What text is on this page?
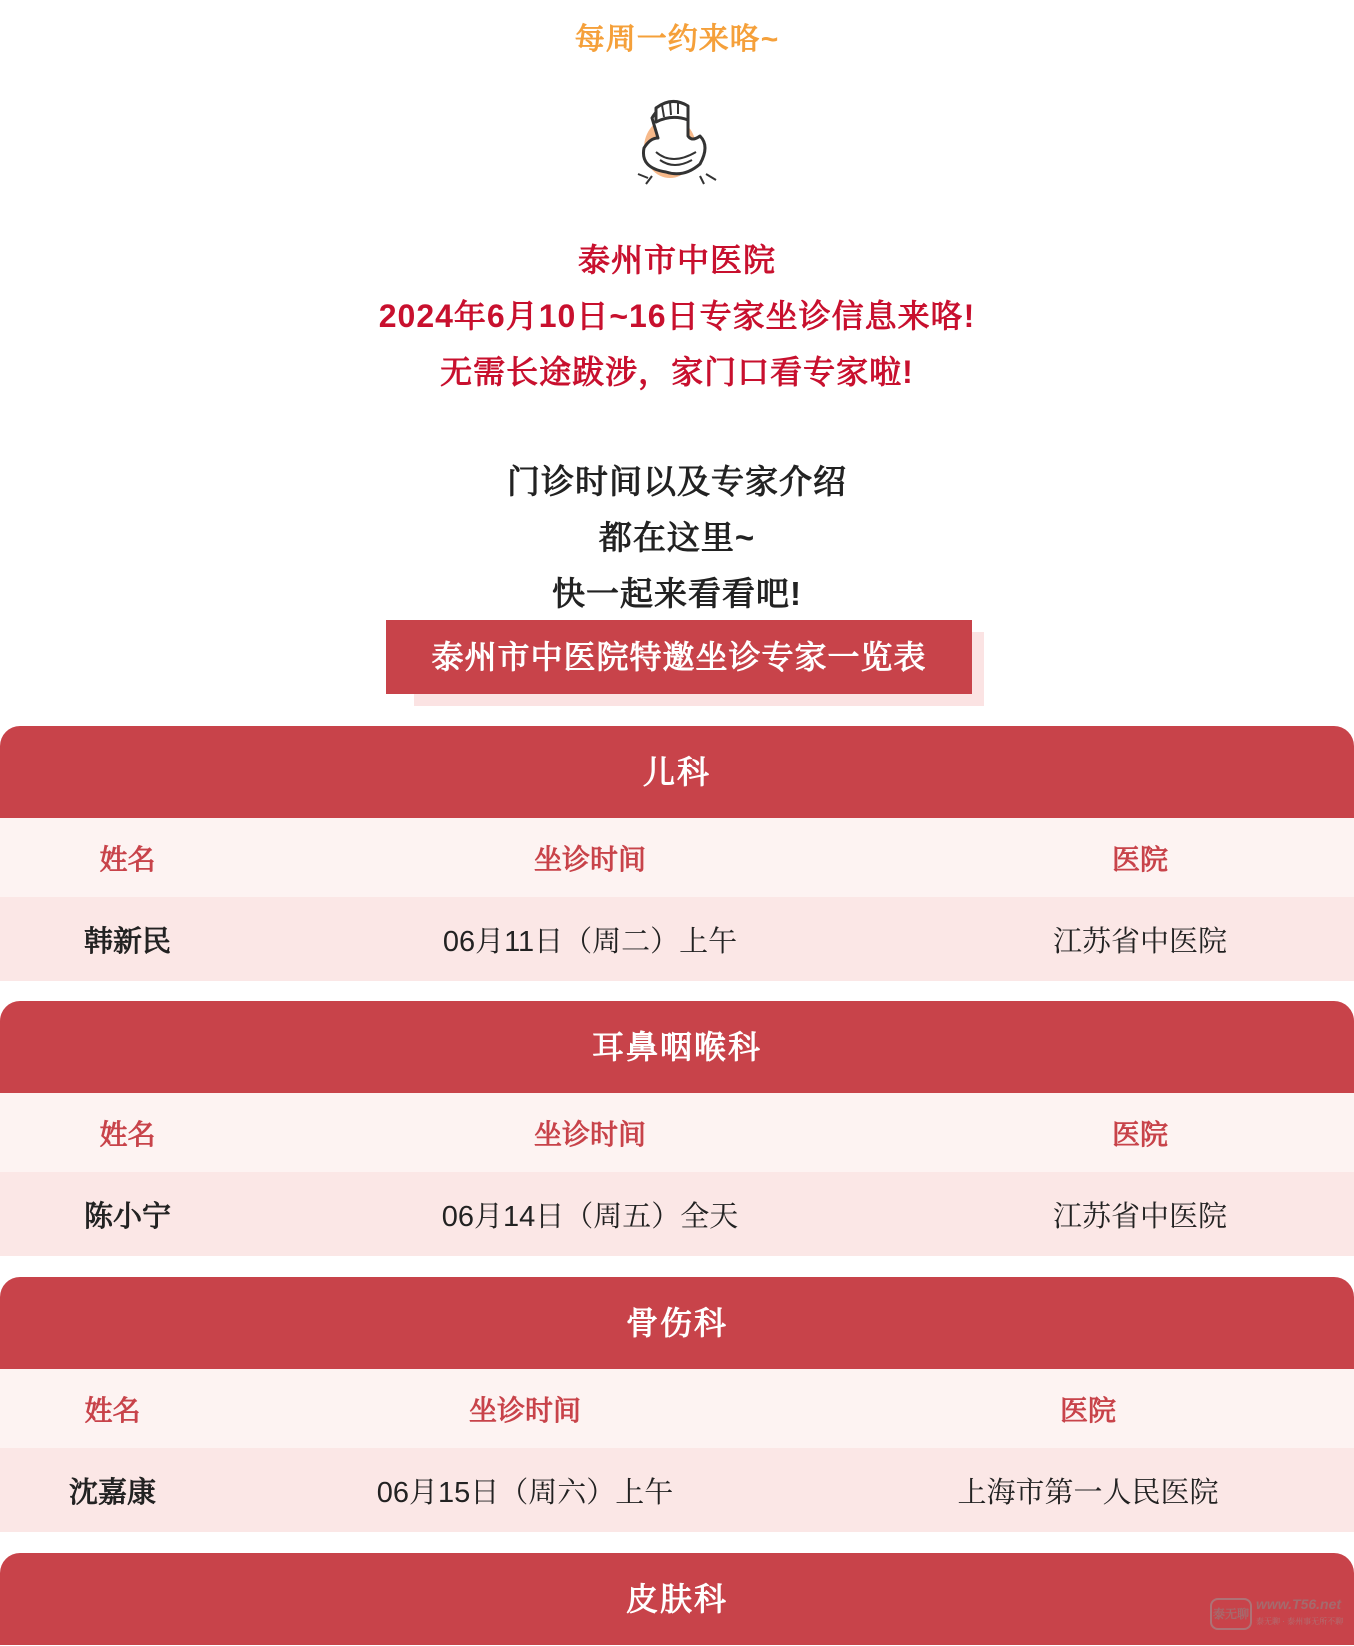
每周一约来咯~
泰州市中医院
2024年6月10日~16日专家坐诊信息来咯!
无需长途跋涉，家门口看专家啦!
门诊时间以及专家介绍
都在这里~
快一起来看看吧!
泰州市中医院特邀坐诊专家一览表
儿科
姓名	坐诊时间	医院
韩新民	06月11日（周二）上午	江苏省中医院
耳鼻咽喉科
姓名	坐诊时间	医院
陈小宁	06月14日（周五）全天	江苏省中医院
骨伤科
姓名	坐诊时间	医院
沈嘉康	06月15日（周六）上午	上海市第一人民医院
皮肤科	泰无聊
www.T56.net
泰无聊 · 泰州事无所不聊
